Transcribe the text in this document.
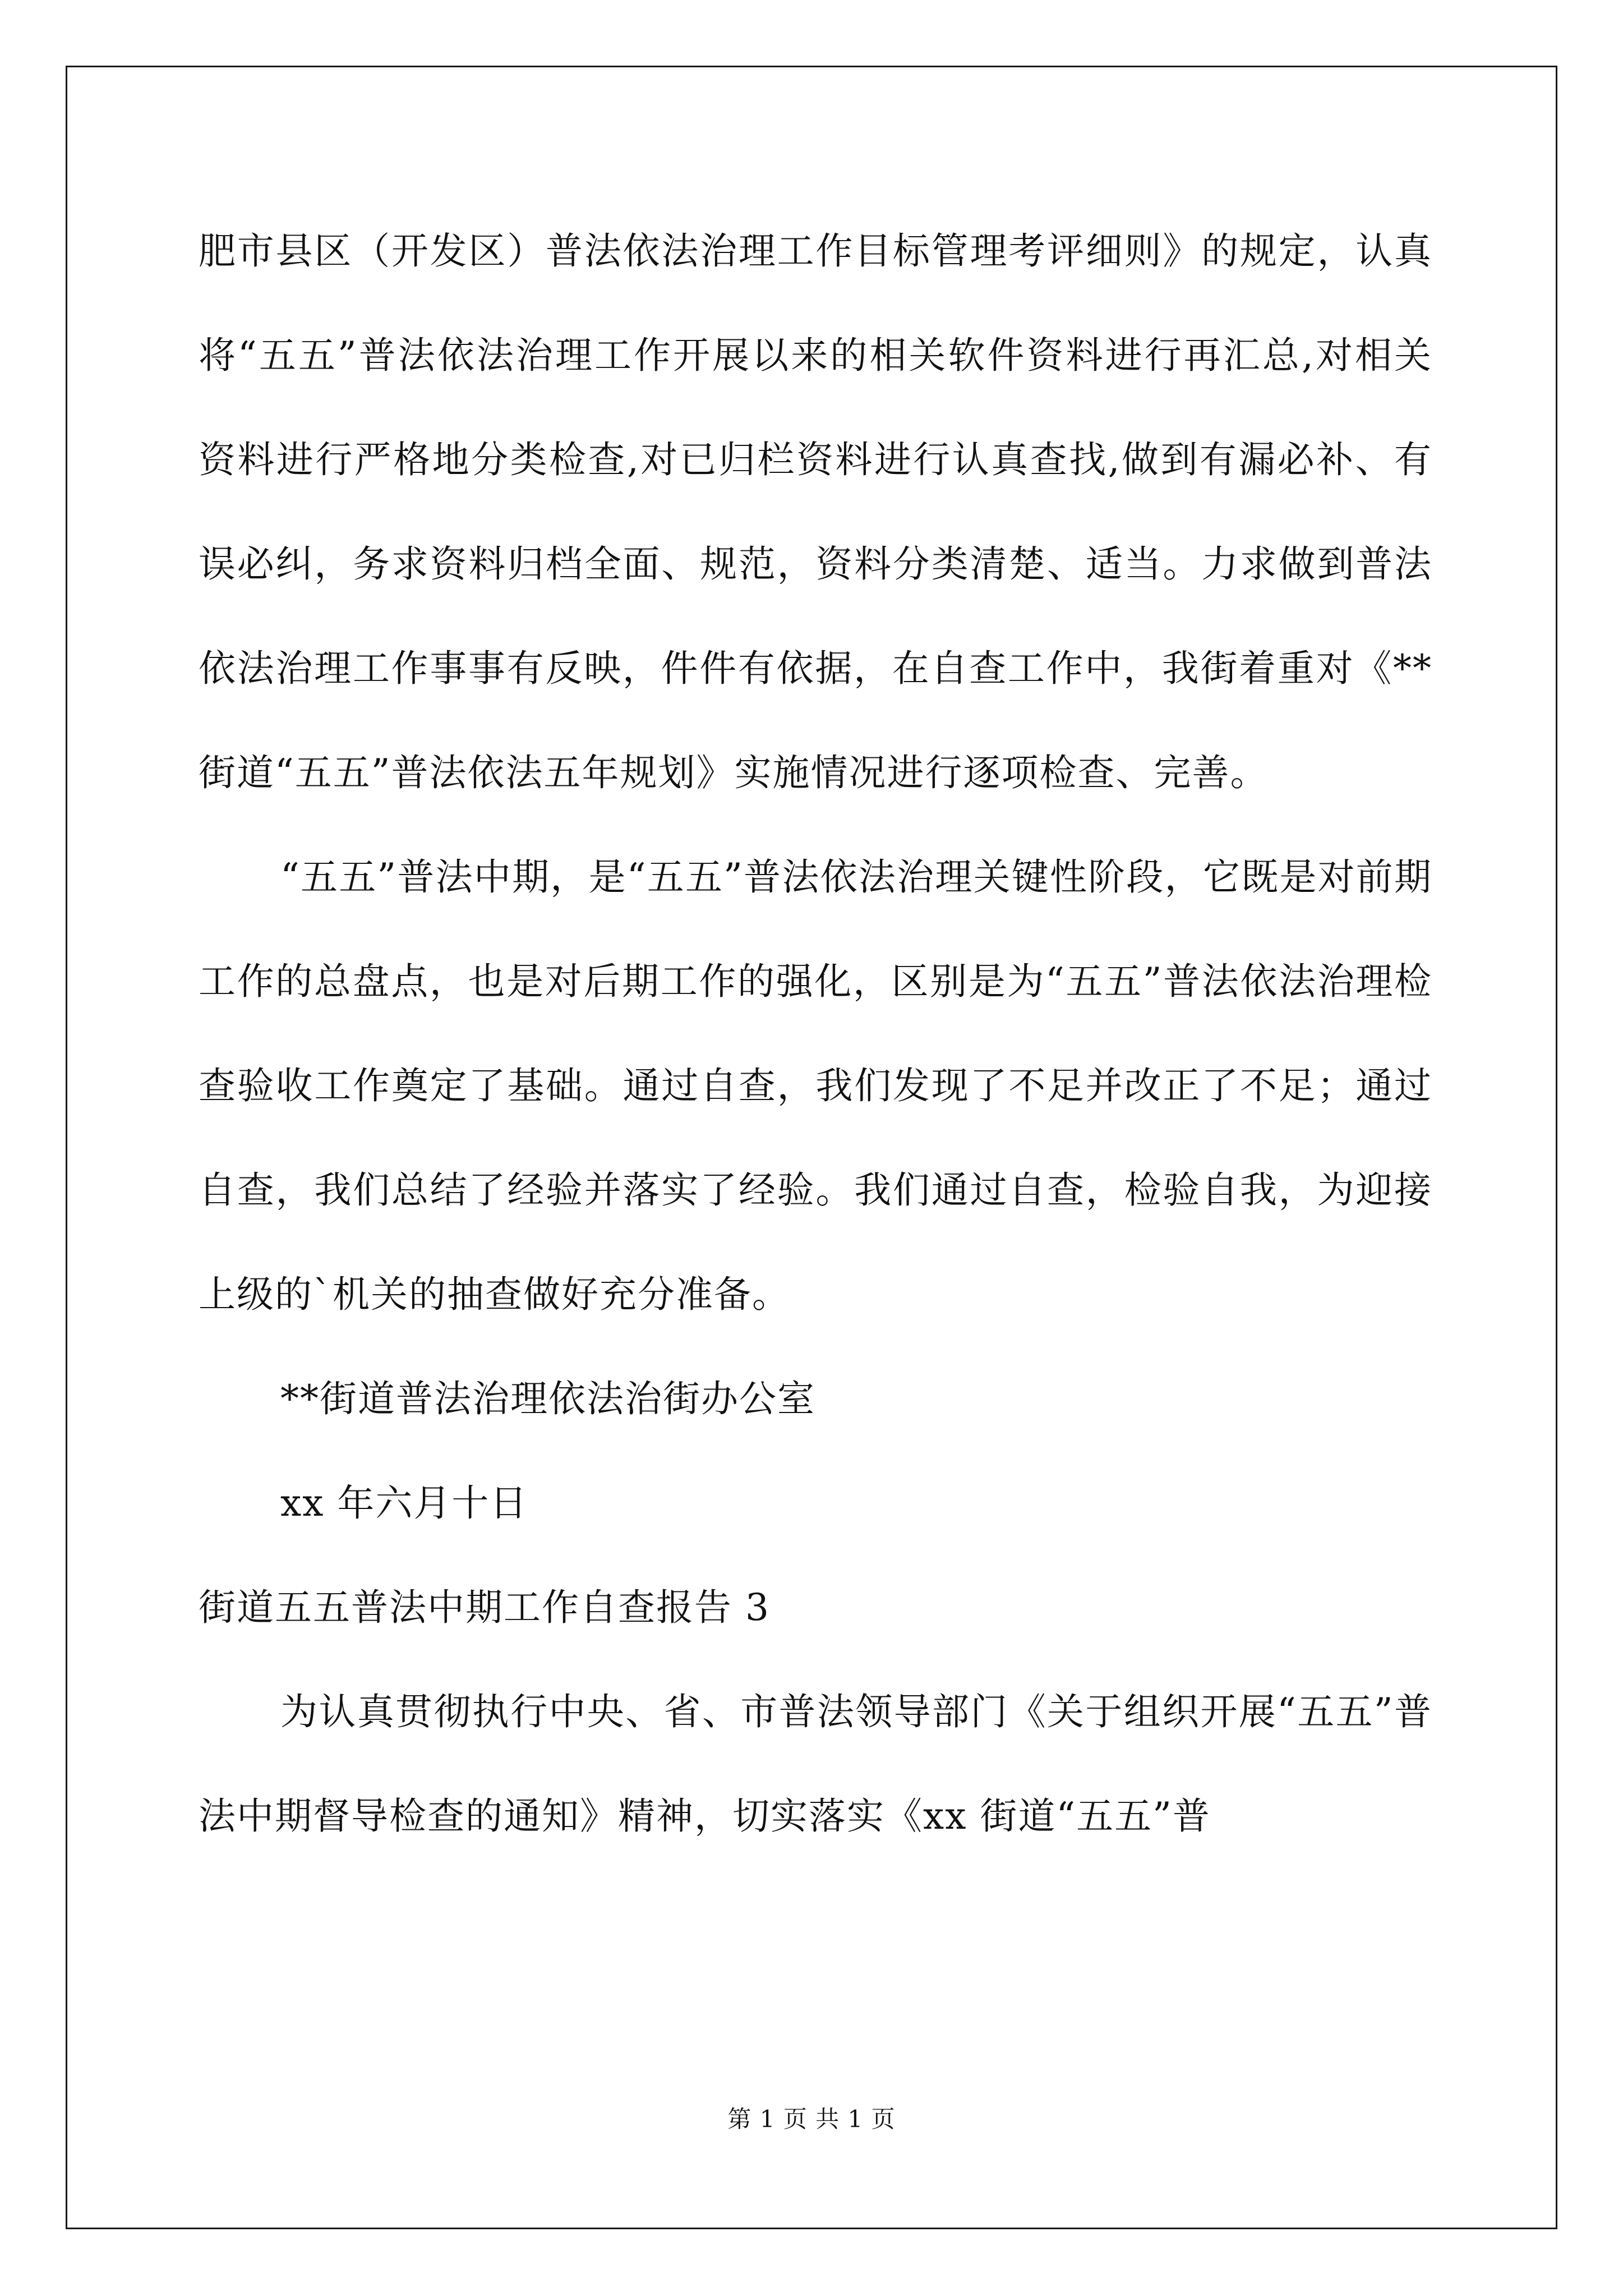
肥市县区（开发区）普法依法治理工作目标管理考评细则》的规定，认真将“五五”普法依法治理工作开展以来的相关软件资料进行再汇总,对相关资料进行严格地分类检查,对已归栏资料进行认真查找,做到有漏必补、有误必纠，务求资料归档全面、规范，资料分类清楚、适当。力求做到普法依法治理工作事事有反映，件件有依据，在自查工作中，我街着重对《**街道“五五”普法依法五年规划》实施情况进行逐项检查、完善。

“五五”普法中期，是“五五”普法依法治理关键性阶段，它既是对前期工作的总盘点，也是对后期工作的强化，区别是为“五五”普法依法治理检查验收工作奠定了基础。通过自查，我们发现了不足并改正了不足；通过自查，我们总结了经验并落实了经验。我们通过自查，检验自我，为迎接上级的`机关的抽查做好充分准备。

**街道普法治理依法治街办公室

xx 年六月十日

街道五五普法中期工作自查报告 3

为认真贯彻执行中央、省、市普法领导部门《关于组织开展“五五”普法中期督导检查的通知》精神，切实落实《xx 街道“五五”普

第 1 页 共 1 页
